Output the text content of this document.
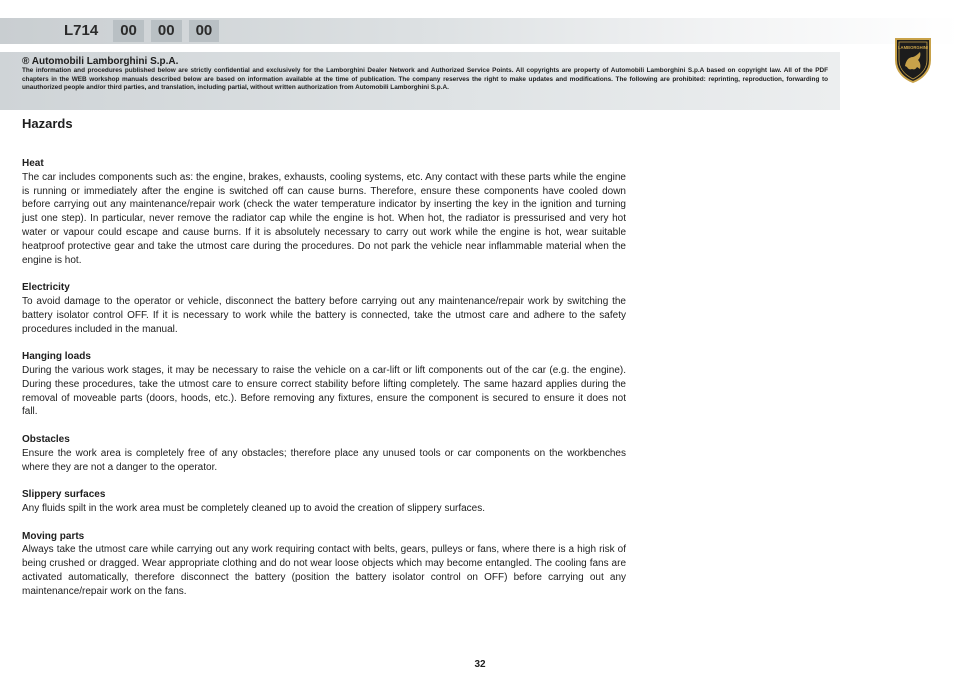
L714	00	00	00
® Automobili Lamborghini S.p.A.
The information and procedures published below are strictly confidential and exclusively for the Lamborghini Dealer Network and Authorized Service Points. All copyrights are property of Automobili Lamborghini S.p.A based on copyright law. All of the PDF chapters in the WEB workshop manuals described below are based on information available at the time of publication. The company reserves the right to make updates and modifications. The following are prohibited: reprinting, reproduction, forwarding to unauthorized people and/or third parties, and translation, including partial, without written authorization from Automobili Lamborghini S.p.A.
LAMBORGHINI
Hazards
Heat
The car includes components such as: the engine, brakes, exhausts, cooling systems, etc. Any contact with these parts while the engine is running or immediately after the engine is switched off can cause burns. Therefore, ensure these components have cooled down before carrying out any maintenance/repair work (check the water temperature indicator by inserting the key in the ignition and turning just one step). In particular, never remove the radiator cap while the engine is hot. When hot, the radiator is pressurised and very hot water or vapour could escape and cause burns. If it is absolutely necessary to carry out work while the engine is hot, wear suitable heatproof protective gear and take the utmost care during the procedures. Do not park the vehicle near inflammable material when the engine is hot.
Electricity
To avoid damage to the operator or vehicle, disconnect the battery before carrying out any maintenance/repair work by switching the battery isolator control OFF. If it is necessary to work while the battery is connected, take the utmost care and adhere to the safety procedures included in the manual.
Hanging loads
During the various work stages, it may be necessary to raise the vehicle on a car-lift or lift components out of the car (e.g. the engine). During these procedures, take the utmost care to ensure correct stability before lifting completely. The same hazard applies during the removal of moveable parts (doors, hoods, etc.). Before removing any fixtures, ensure the component is secured to ensure it does not fall.
Obstacles
Ensure the work area is completely free of any obstacles; therefore place any unused tools or car components on the workbenches where they are not a danger to the operator.
Slippery surfaces
Any fluids spilt in the work area must be completely cleaned up to avoid the creation of slippery surfaces.
Moving parts
Always take the utmost care while carrying out any work requiring contact with belts, gears, pulleys or fans, where there is a high risk of being crushed or dragged. Wear appropriate clothing and do not wear loose objects which may become entangled. The cooling fans are activated automatically, therefore disconnect the battery (position the battery isolator control on OFF) before carrying out any maintenance/repair work on the fans.
32
